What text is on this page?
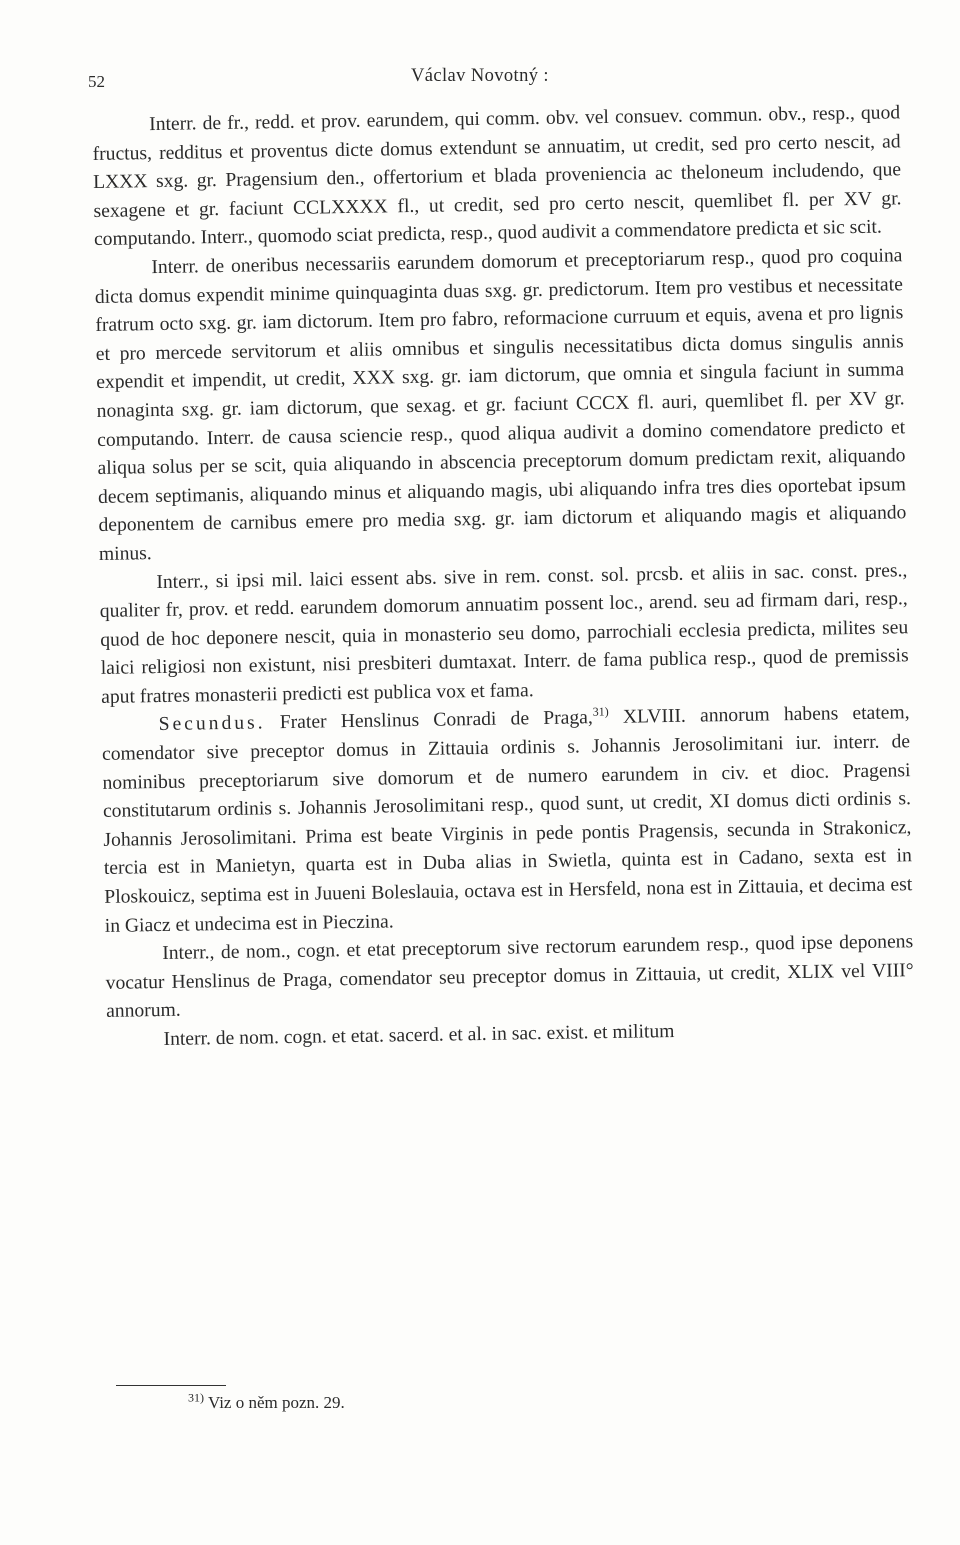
52	Václav Novotný :

Interr. de fr., redd. et prov. earundem, qui comm. obv. vel consuev. commun. obv., resp., quod fructus, redditus et proventus dicte domus extendunt se annuatim, ut credit, sed pro certo nescit, ad LXXX sxg. gr. Pragensium den., offertorium et blada proveniencia ac theloneum includendo, que sexagene et gr. faciunt CCLXXXX fl., ut credit, sed pro certo nescit, quemlibet fl. per XV gr. computando. Interr., quomodo sciat predicta, resp., quod audivit a commendatore predicta et sic scit.

Interr. de oneribus necessariis earundem domorum et preceptoriarum resp., quod pro coquina dicta domus expendit minime quinquaginta duas sxg. gr. predictorum. Item pro vestibus et necessitate fratrum octo sxg. gr. iam dictorum. Item pro fabro, reformacione curruum et equis, avena et pro lignis et pro mercede servitorum et aliis omnibus et singulis necessitatibus dicta domus singulis annis expendit et impendit, ut credit, XXX sxg. gr. iam dictorum, que omnia et singula faciunt in summa nonaginta sxg. gr. iam dictorum, que sexag. et gr. faciunt CCCX fl. auri, quemlibet fl. per XV gr. computando. Interr. de causa sciencie resp., quod aliqua audivit a domino comendatore predicto et aliqua solus per se scit, quia aliquando in abscencia preceptorum domum predictam rexit, aliquando decem septimanis, aliquando minus et aliquando magis, ubi aliquando infra tres dies oportebat ipsum deponentem de carnibus emere pro media sxg. gr. iam dictorum et aliquando magis et aliquando minus.

Interr., si ipsi mil. laici essent abs. sive in rem. const. sol. prcsb. et aliis in sac. const. pres., qualiter fr, prov. et redd. earundem domorum annuatim possent loc., arend. seu ad firmam dari, resp., quod de hoc deponere nescit, quia in monasterio seu domo, parrochiali ecclesia predicta, milites seu laici religiosi non existunt, nisi presbiteri dumtaxat. Interr. de fama publica resp., quod de premissis aput fratres monasterii predicti est publica vox et fama.

Secundus. Frater Henslinus Conradi de Praga,$^{31)}$ XLVIII. annorum habens etatem, comendator sive preceptor domus in Zittauia ordinis s. Johannis Jerosolimitani iur. interr. de nominibus preceptoriarum sive domorum et de numero earundem in civ. et dioc. Pragensi constitutarum ordinis s. Johannis Jerosolimitani resp., quod sunt, ut credit, XI domus dicti ordinis s. Johannis Jerosolimitani. Prima est beate Virginis in pede pontis Pragensis, secunda in Strakonicz, tercia est in Manietyn, quarta est in Duba alias in Swietla, quinta est in Cadano, sexta est in Ploskouicz, septima est in Juueni Boleslauia, octava est in Hersfeld, nona est in Zittauia, et decima est in Giacz et undecima est in Pieczina.

Interr., de nom., cogn. et etat preceptorum sive rectorum earundem resp., quod ipse deponens vocatur Henslinus de Praga, comendator seu preceptor domus in Zittauia, ut credit, XLIX vel VIII° annorum.

Interr. de nom. cogn. et etat. sacerd. et al. in sac. exist. et militum

$^{31)}$ Viz o něm pozn. 29.
